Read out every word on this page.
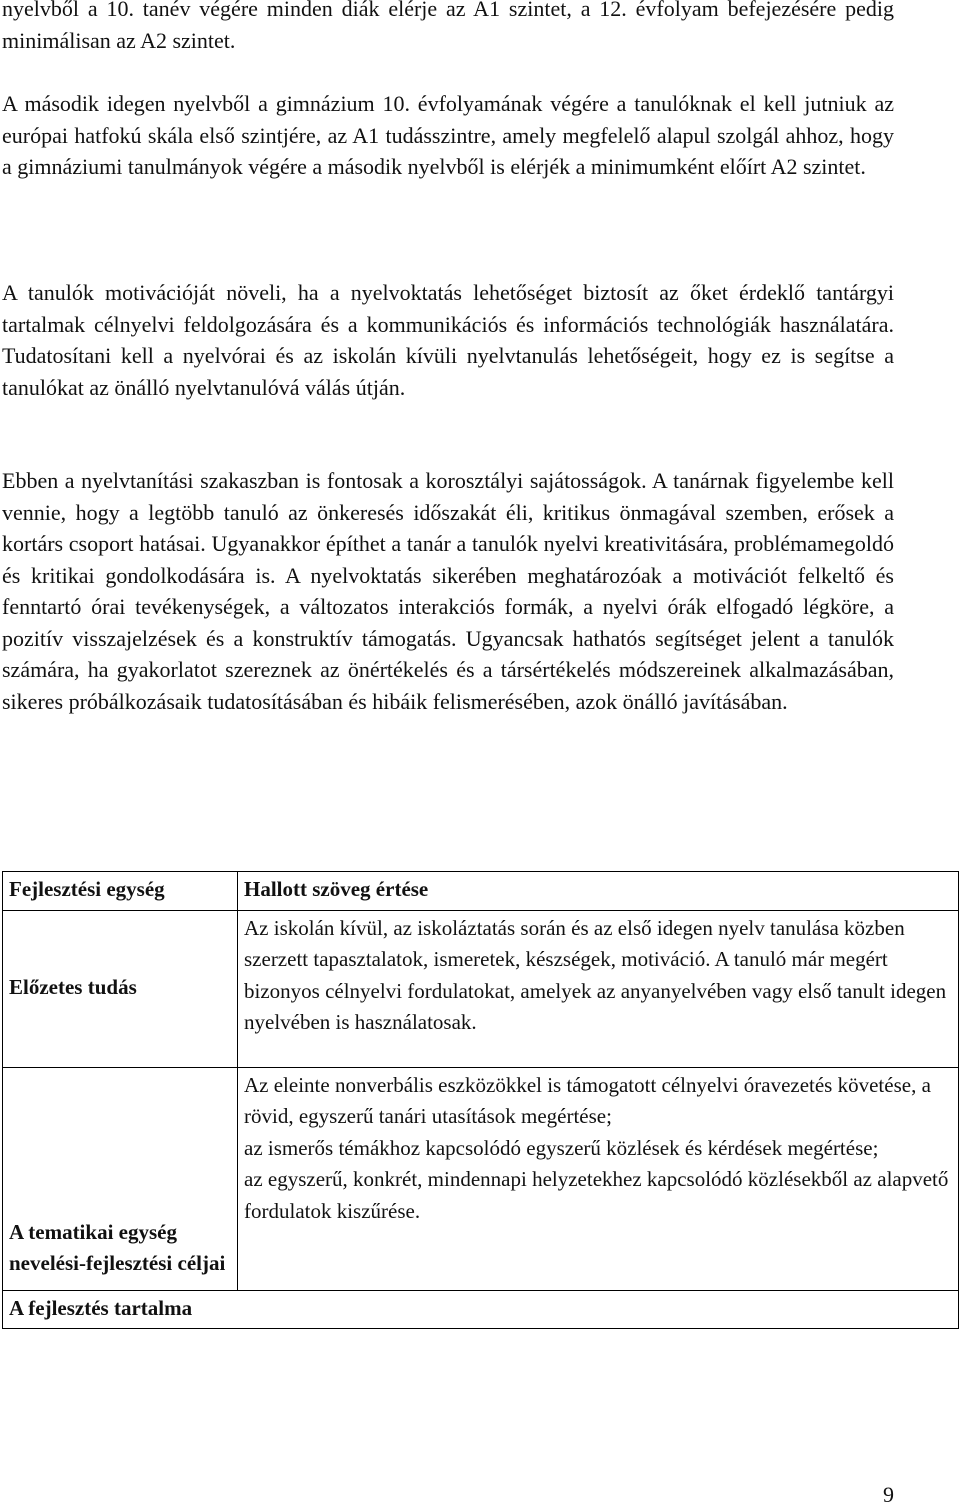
nyelvből a 10. tanév végére minden diák elérje az A1 szintet, a 12. évfolyam befejezésére pedig minimálisan az A2 szintet.

A második idegen nyelvből a gimnázium 10. évfolyamának végére a tanulóknak el kell jutniuk az európai hatfokú skála első szintjére, az A1 tudásszintre, amely megfelelő alapul szolgál ahhoz, hogy a gimnáziumi tanulmányok végére a második nyelvből is elérjék a minimumként előírt A2 szintet.

A tanulók motivációját növeli, ha a nyelvoktatás lehetőséget biztosít az őket érdeklő tantárgyi tartalmak célnyelvi feldolgozására és a kommunikációs és információs technológiák használatára. Tudatosítani kell a nyelvórai és az iskolán kívüli nyelvtanulás lehetőségeit, hogy ez is segítse a tanulókat az önálló nyelvtanulóvá válás útján.

Ebben a nyelvtanítási szakaszban is fontosak a korosztályi sajátosságok. A tanárnak figyelembe kell vennie, hogy a legtöbb tanuló az önkeresés időszakát éli, kritikus önmagával szemben, erősek a kortárs csoport hatásai. Ugyanakkor építhet a tanár a tanulók nyelvi kreativitására, problémamegoldó és kritikai gondolkodására is. A nyelvoktatás sikerében meghatározóak a motivációt felkeltő és fenntartó órai tevékenységek, a változatos interakciós formák, a nyelvi órák elfogadó légköre, a pozitív visszajelzések és a konstruktív támogatás. Ugyancsak hathatós segítséget jelent a tanulók számára, ha gyakorlatot szereznek az önértékelés és a társértékelés módszereinek alkalmazásában, sikeres próbálkozásaik tudatosításában és hibáik felismerésében, azok önálló javításában.

Fejlesztési egység	Hallott szöveg értése
Előzetes tudás	Az iskolán kívül, az iskoláztatás során és az első idegen nyelv tanulása közben szerzett tapasztalatok, ismeretek, készségek, motiváció. A tanuló már megért bizonyos célnyelvi fordulatokat, amelyek az anyanyelvében vagy első tanult idegen nyelvében is használatosak.
A tematikai egység nevelési-fejlesztési céljai	Az eleinte nonverbális eszközökkel is támogatott célnyelvi óravezetés követése, a rövid, egyszerű tanári utasítások megértése;
az ismerős témákhoz kapcsolódó egyszerű közlések és kérdések megértése;
az egyszerű, konkrét, mindennapi helyzetekhez kapcsolódó közlésekből az alapvető fordulatok kiszűrése.

A fejlesztés tartalma	
9
